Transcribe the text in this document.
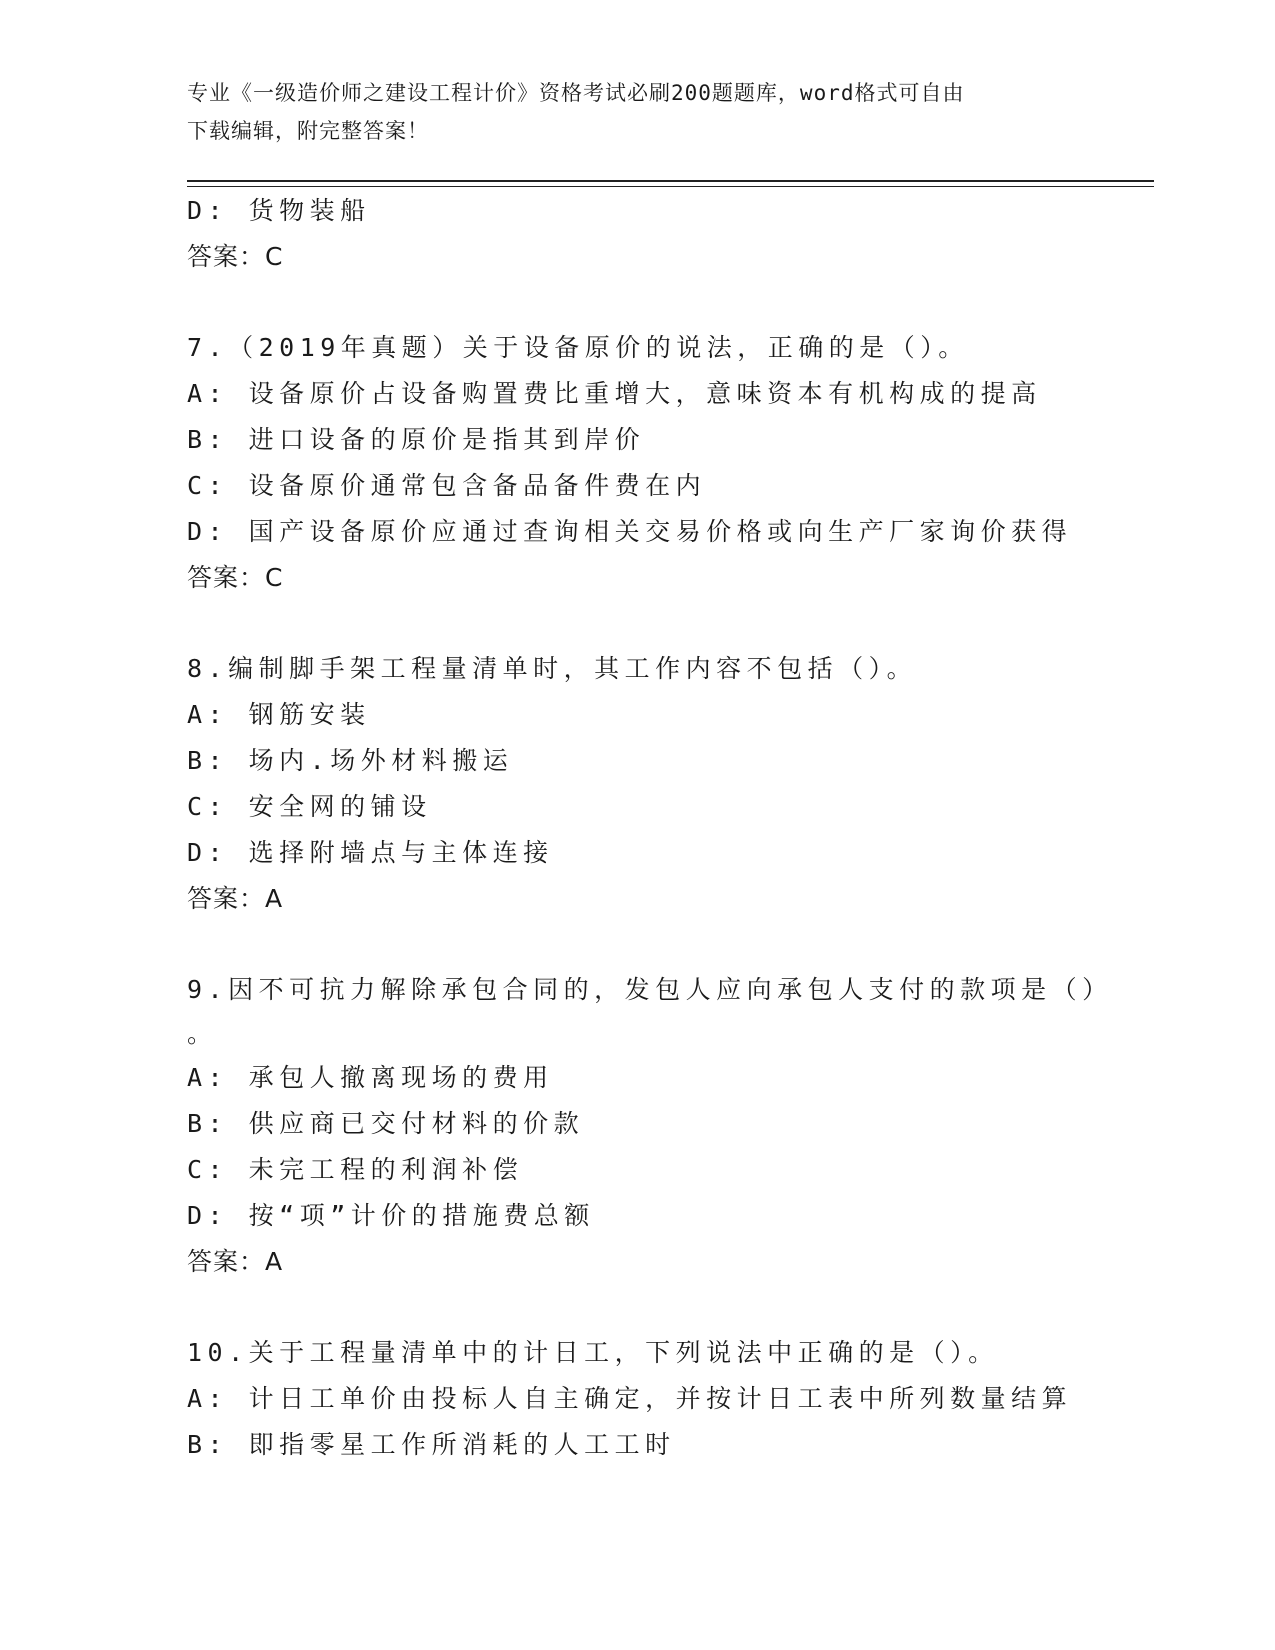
专业《一级造价师之建设工程计价》资格考试必刷200题题库，word格式可自由
下载编辑，附完整答案！
D: 货物装船
答案：C
7.（2019年真题）关于设备原价的说法，正确的是（）。
A: 设备原价占设备购置费比重增大，意味资本有机构成的提高
B: 进口设备的原价是指其到岸价
C: 设备原价通常包含备品备件费在内
D: 国产设备原价应通过查询相关交易价格或向生产厂家询价获得
答案：C
8.编制脚手架工程量清单时，其工作内容不包括（）。
A: 钢筋安装
B: 场内.场外材料搬运
C: 安全网的铺设
D: 选择附墙点与主体连接
答案：A
9.因不可抗力解除承包合同的，发包人应向承包人支付的款项是（）
。
A: 承包人撤离现场的费用
B: 供应商已交付材料的价款
C: 未完工程的利润补偿
D: 按“项”计价的措施费总额
答案：A
10.关于工程量清单中的计日工，下列说法中正确的是（）。
A: 计日工单价由投标人自主确定，并按计日工表中所列数量结算
B: 即指零星工作所消耗的人工工时
